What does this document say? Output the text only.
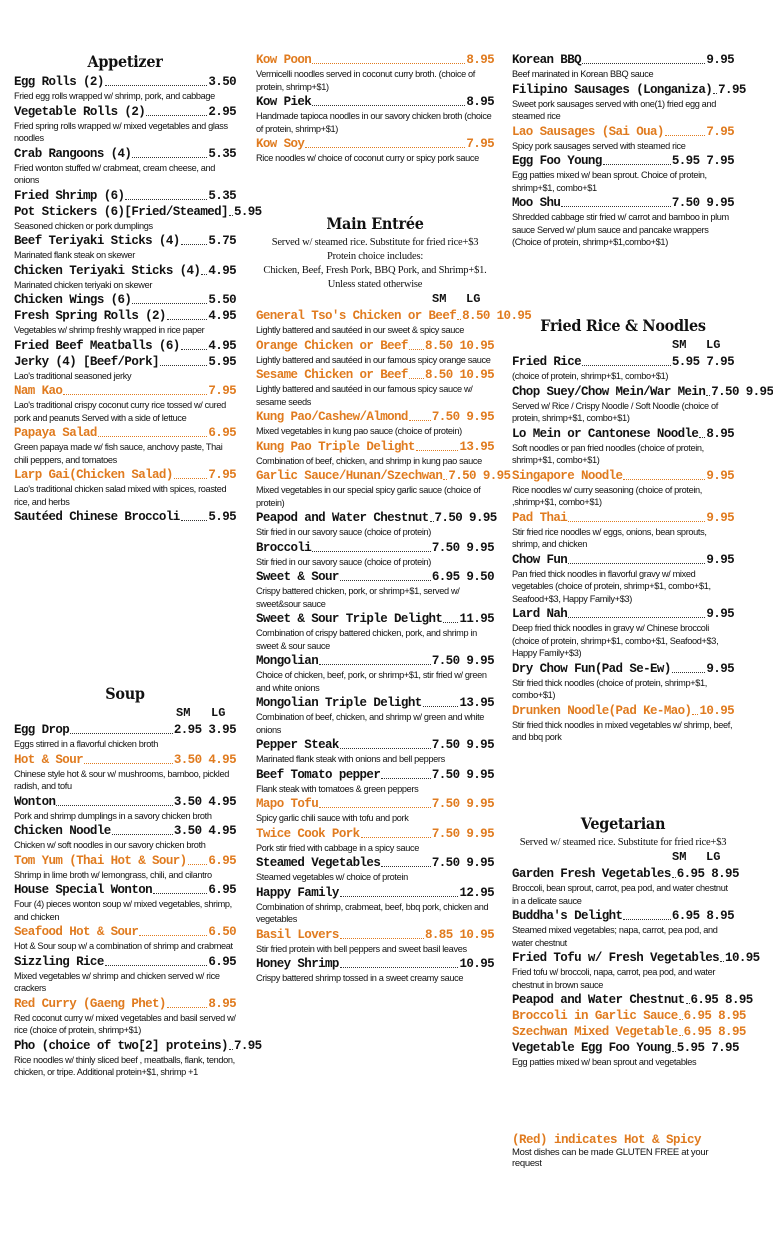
Appetizer
Egg Rolls (2)	3.50
Fried egg rolls wrapped w/ shrimp, pork, and cabbage
Vegetable Rolls (2)	2.95
Fried spring rolls wrapped w/ mixed vegetables and glass noodles
Crab Rangoons (4)	5.35
Fried wonton stuffed w/ crabmeat, cream cheese, and onions
Fried Shrimp (6)	5.35
Pot Stickers (6)[Fried/Steamed] 5.95
Seasoned chicken or pork dumplings
Beef Teriyaki Sticks (4) 5.75
Marinated flank steak on skewer
Chicken Teriyaki Sticks (4) 4.95
Marinated chicken teriyaki on skewer
Chicken Wings (6)	5.50
Fresh Spring Rolls (2)	4.95
Vegetables w/ shrimp freshly wrapped in rice paper
Fried Beef Meatballs (6) 4.95
Jerky (4) [Beef/Pork]	5.95
Lao's traditional seasoned jerky
Nam Kao	7.95
Lao's traditional crispy coconut curry rice tossed w/ cured pork and peanuts Served with a side of lettuce
Papaya Salad	6.95
Green papaya made w/ fish sauce, anchovy paste, Thai chili peppers, and tomatoes
Larp Gai(Chicken Salad)	7.95
Lao's traditional chicken salad mixed with spices, roasted rice, and herbs
Sautéed Chinese Broccoli 5.95
Soup
SM LG
Egg Drop	2.95 3.95
Eggs stirred in a flavorful chicken broth
Hot & Sour	3.50 4.95
Chinese style hot & sour w/ mushrooms, bamboo, pickled radish, and tofu
Wonton	3.50 4.95
Pork and shrimp dumplings in a savory chicken broth
Chicken Noodle	3.50 4.95
Chicken w/ soft noodles in our savory chicken broth
Tom Yum (Thai Hot & Sour) 6.95
Shrimp in lime broth w/ lemongrass, chili, and cilantro
House Special Wonton	6.95
Four (4) pieces wonton soup w/ mixed vegetables, shrimp, and chicken
Seafood Hot & Sour	6.50
Hot & Sour soup w/ a combination of shrimp and crabmeat
Sizzling Rice	6.95
Mixed vegetables w/ shrimp and chicken served w/ rice crackers
Red Curry (Gaeng Phet)	8.95
Red coconut curry w/ mixed vegetables and basil served w/ rice (choice of protein, shrimp+$1)
Pho (choice of two[2] proteins) 7.95
Rice noodles w/ thinly sliced beef , meatballs, flank, tendon, chicken, or tripe. Additional protein+$1, shrimp +1
Kow Poon	8.95
Vermicelli noodles served in coconut curry broth. (choice of protein, shrimp+$1)
Kow Piek	8.95
Handmade tapioca noodles in our savory chicken broth (choice of protein, shrimp+$1)
Kow Soy	7.95
Rice noodles w/ choice of coconut curry or spicy pork sauce
Main Entrée
Served w/ steamed rice. Substitute for fried rice+$3
Protein choice includes:
Chicken, Beef, Fresh Pork, BBQ Pork, and Shrimp+$1.
Unless stated otherwise
SM LG
General Tso's Chicken or Beef 8.50 10.95
Lightly battered and sautéed in our sweet & spicy sauce
Orange Chicken or Beef 8.50 10.95
Lightly battered and sautéed in our famous spicy orange sauce
Sesame Chicken or Beef 8.50 10.95
Lightly battered and sautéed in our famous spicy sauce w/ sesame seeds
Kung Pao/Cashew/Almond 7.50 9.95
Mixed vegetables in kung pao sauce (choice of protein)
Kung Pao Triple Delight	13.95
Combination of beef, chicken, and shrimp in kung pao sauce
Garlic Sauce/Hunan/Szechwan 7.50 9.95
Mixed vegetables in our special spicy garlic sauce (choice of protein)
Peapod and Water Chestnut 7.50 9.95
Stir fried in our savory sauce (choice of protein)
Broccoli	7.50 9.95
Stir fried in our savory sauce (choice of protein)
Sweet & Sour	6.95 9.50
Crispy battered chicken, pork, or shrimp+$1, served w/ sweet&sour sauce
Sweet & Sour Triple Delight 11.95
Combination of crispy battered chicken, pork, and shrimp in sweet & sour sauce
Mongolian	7.50 9.95
Choice of chicken, beef, pork, or shrimp+$1, stir fried w/ green and white onions
Mongolian Triple Delight	13.95
Combination of beef, chicken, and shrimp w/ green and white onions
Pepper Steak	7.50 9.95
Marinated flank steak with onions and bell peppers
Beef Tomato pepper	7.50 9.95
Flank steak with tomatoes & green peppers
Mapo Tofu	7.50 9.95
Spicy garlic chili sauce with tofu and pork
Twice Cook Pork	7.50 9.95
Pork stir fried with cabbage in a spicy sauce
Steamed Vegetables	7.50 9.95
Steamed vegetables w/ choice of protein
Happy Family	12.95
Combination of shrimp, crabmeat, beef, bbq pork, chicken and vegetables
Basil Lovers	8.85 10.95
Stir fried protein with bell peppers and sweet basil leaves
Honey Shrimp	10.95
Crispy battered shrimp tossed in a sweet creamy sauce
Korean BBQ	9.95
Beef marinated in Korean BBQ sauce
Filipino Sausages (Longaniza) 7.95
Sweet pork sausages served with one(1) fried egg and steamed rice
Lao Sausages (Sai Oua)	7.95
Spicy pork sausages served with steamed rice
Egg Foo Young	5.95 7.95
Egg patties mixed w/ bean sprout. Choice of protein, shrimp+$1, combo+$1
Moo Shu	7.50 9.95
Shredded cabbage stir fried w/ carrot and bamboo in plum sauce Served w/ plum sauce and pancake wrappers (Choice of protein, shrimp+$1,combo+$1)
Fried Rice & Noodles
SM LG
Fried Rice	5.95 7.95
(choice of protein, shrimp+$1, combo+$1)
Chop Suey/Chow Mein/War Mein 7.50 9.95
Served w/ Rice / Crispy Noodle / Soft Noodle (choice of protein, shrimp+$1, combo+$1)
Lo Mein or Cantonese Noodle 8.95
Soft noodles or pan fried noodles (choice of protein, shrimp+$1, combo+$1)
Singapore Noodle	9.95
Rice noodles w/ curry seasoning (choice of protein, ,shrimp+$1, combo+$1)
Pad Thai	9.95
Stir fried rice noodles w/ eggs, onions, bean sprouts, shrimp, and chicken
Chow Fun	9.95
Pan fried thick noodles in flavorful gravy w/ mixed vegetables (choice of protein, shrimp+$1, combo+$1, Seafood+$3, Happy Family+$3)
Lard Nah	9.95
Deep fried thick noodles in gravy w/ Chinese broccoli (choice of protein, shrimp+$1, combo+$1, Seafood+$3, Happy Family+$3)
Dry Chow Fun(Pad Se-Ew)	9.95
Stir fried thick noodles (choice of protein, shrimp+$1, combo+$1)
Drunken Noodle(Pad Ke-Mao) 10.95
Stir fried thick noodles in mixed vegetables w/ shrimp, beef, and bbq pork
Vegetarian
Served w/ steamed rice. Substitute for fried rice+$3
SM LG
Garden Fresh Vegetables 6.95 8.95
Broccoli, bean sprout, carrot, pea pod, and water chestnut in a delicate sauce
Buddha's Delight	6.95 8.95
Steamed mixed vegetables; napa, carrot, pea pod, and water chestnut
Fried Tofu w/ Fresh Vegetables 10.95
Fried tofu w/ broccoli, napa, carrot, pea pod, and water chestnut in brown sauce
Peapod and Water Chestnut 6.95 8.95
Broccoli in Garlic Sauce 6.95 8.95
Szechwan Mixed Vegetable 6.95 8.95
Vegetable Egg Foo Young 5.95 7.95
Egg patties mixed w/ bean sprout and vegetables
(Red) indicates Hot & Spicy
Most dishes can be made GLUTEN FREE at your request
